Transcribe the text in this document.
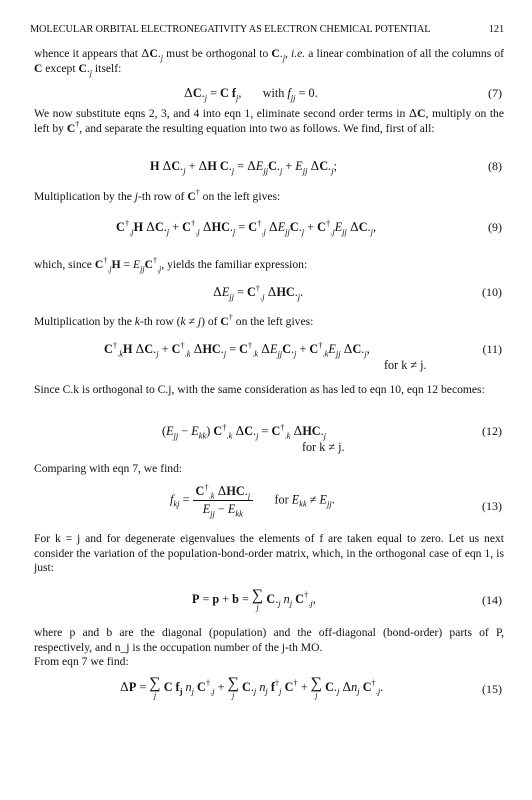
MOLECULAR ORBITAL ELECTRONEGATIVITY AS ELECTRON CHEMICAL POTENTIAL	121
whence it appears that $\Delta C._j$ must be orthogonal to $C._j$, i.e. a linear combination of all the columns of C except $C._j$ itself:
$\Delta C._j = C$ $f_j$,       with $f_{jj} = 0$.	(7)
We now substitute eqns 2, 3, and 4 into eqn 1, eliminate second order terms in ΔC, multiply on the left by C†, and separate the resulting equation into two as follows. We find, first of all:
H $\Delta C._j + \Delta H$ $C._j = \Delta E_{jj}C._j + E_{jj}$ $\Delta C._j$;	(8)
Multiplication by the j-th row of C† on the left gives:
$C^\dagger_{.j}H$ $\Delta C._j + C^\dagger_{.j}$ $\Delta HC._j = C^\dagger_{.j}$ $\Delta E_{jj}C._j + C^\dagger_{.j}E_{jj}$ $\Delta C._j$,	(9)
which, since $C^\dagger_{.j}H = E_{jj}C^\dagger_{.j}$, yields the familiar expression:
$\Delta E_{jj} = C^\dagger_{.j}$ $\Delta HC._j$.	(10)
Multiplication by the k-th row (k ≠ j) of C† on the left gives:
$C^\dagger_{.k}H$ $\Delta C._j + C^\dagger_{.k}$ $\Delta HC._j = C^\dagger_{.k}$ $\Delta E_{jj}C._j + C^\dagger_{.k}E_{jj}$ $\Delta C._j$,	(11)
for k ≠ j.
Since C.k is orthogonal to C.j, with the same consideration as has led to eqn 10, eqn 12 becomes:
$(E_{jj} - E_{kk})$ $C^\dagger_{.k}$ $\Delta C._j = C^\dagger_{.k}$ $\Delta HC._j$	(12)
for k ≠ j.
Comparing with eqn 7, we find:
$f_{kj} = \frac{C^\dagger_{.k} \Delta HC._j}{E_{jj} - E_{kk}}$ for $E_{kk} \ne E_{jj}$.	(13)
For k = j and for degenerate eigenvalues the elements of f are taken equal to zero. Let us next consider the variation of the population-bond-order matrix, which, in the orthogonal case of eqn 1, is just:
P = p + b = ∑
j
$C._j$ $n_j$ $C^\dagger_{.j}$,	(14)
where p and b are the diagonal (population) and the off-diagonal (bond-order) parts of P, respectively, and n_j is the occupation number of the j-th MO.
From eqn 7 we find:
ΔP = ∑
j
C $f_j$ $n_j$ $C^\dagger_{.j}$ + ∑
j
$C._j$ $n_j$ $f^\dagger_j$ C† + ∑
j
$C._j$ $\Delta n_j$ $C^\dagger_{.j}$.	(15)
